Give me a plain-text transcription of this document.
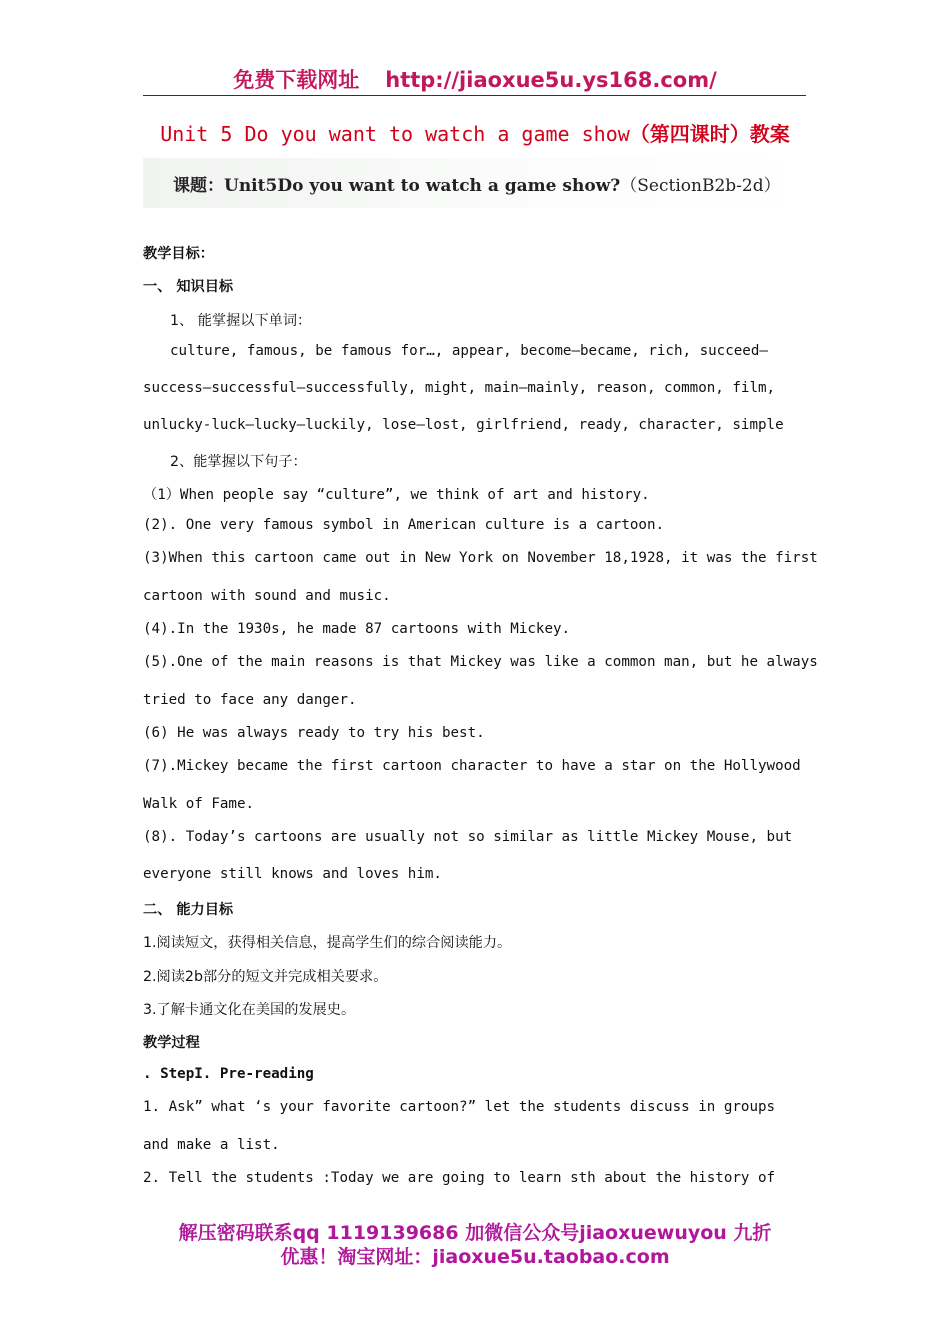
免费下载网址 http://jiaoxue5u.ys168.com/
Unit 5 Do you want to watch a game show（第四课时）教案
课题：Unit5Do you want to watch a game show?（SectionB2b-2d）
教学目标：
一、 知识目标
1、 能掌握以下单词：
culture, famous, be famous for…, appear, become—became, rich, succeed—
success—successful—successfully, might, main—mainly, reason, common, film,
unlucky-luck—lucky—luckily, lose—lost, girlfriend, ready, character, simple
2、能掌握以下句子：
（1）When people say “culture”, we think of art and history.
(2). One very famous symbol in American culture is a cartoon.
(3)When this cartoon came out in New York on November 18,1928, it was the first
cartoon with sound and music.
(4).In the 1930s, he made 87 cartoons with Mickey.
(5).One of the main reasons is that Mickey was like a common man, but he always
tried to face any danger.
(6) He was always ready to try his best.
(7).Mickey became the first cartoon character to have a star on the Hollywood
Walk of Fame.
(8). Today’s cartoons are usually not so similar as little Mickey Mouse, but
everyone still knows and loves him.
二、 能力目标
1.阅读短文，获得相关信息，提高学生们的综合阅读能力。
2.阅读2b部分的短文并完成相关要求。
3.了解卡通文化在美国的发展史。
教学过程
. StepI. Pre-reading
1. Ask” what ‘s your favorite cartoon?” let the students discuss in groups
and make a list.
2. Tell the students :Today we are going to learn sth about the history of
解压密码联系qq 1119139686 加微信公众号jiaoxuewuyou 九折
优惠！淘宝网址：jiaoxue5u.taobao.com
